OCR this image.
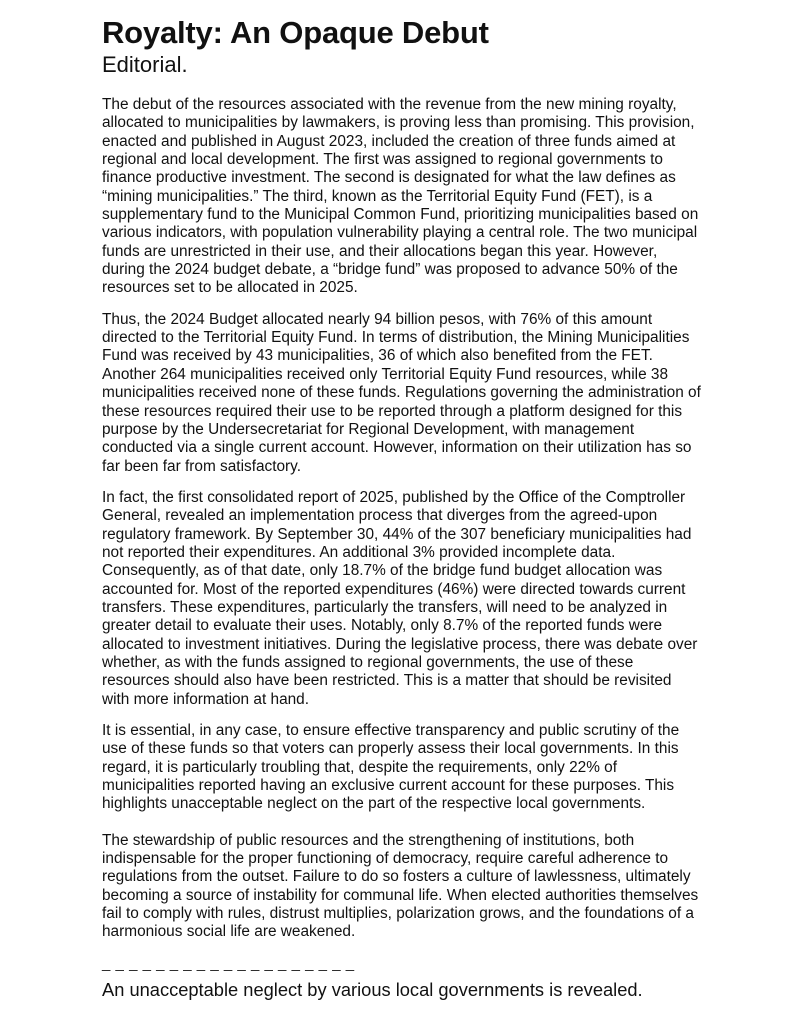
Royalty: An Opaque Debut
Editorial.
The debut of the resources associated with the revenue from the new mining royalty,
allocated to municipalities by lawmakers, is proving less than promising. This provision,
enacted and published in August 2023, included the creation of three funds aimed at
regional and local development. The first was assigned to regional governments to
finance productive investment. The second is designated for what the law defines as
“mining municipalities.” The third, known as the Territorial Equity Fund (FET), is a
supplementary fund to the Municipal Common Fund, prioritizing municipalities based on
various indicators, with population vulnerability playing a central role. The two municipal
funds are unrestricted in their use, and their allocations began this year. However,
during the 2024 budget debate, a “bridge fund” was proposed to advance 50% of the
resources set to be allocated in 2025.
Thus, the 2024 Budget allocated nearly 94 billion pesos, with 76% of this amount
directed to the Territorial Equity Fund. In terms of distribution, the Mining Municipalities
Fund was received by 43 municipalities, 36 of which also benefited from the FET.
Another 264 municipalities received only Territorial Equity Fund resources, while 38
municipalities received none of these funds. Regulations governing the administration of
these resources required their use to be reported through a platform designed for this
purpose by the Undersecretariat for Regional Development, with management
conducted via a single current account. However, information on their utilization has so
far been far from satisfactory.
In fact, the first consolidated report of 2025, published by the Office of the Comptroller
General, revealed an implementation process that diverges from the agreed-upon
regulatory framework. By September 30, 44% of the 307 beneficiary municipalities had
not reported their expenditures. An additional 3% provided incomplete data.
Consequently, as of that date, only 18.7% of the bridge fund budget allocation was
accounted for. Most of the reported expenditures (46%) were directed towards current
transfers. These expenditures, particularly the transfers, will need to be analyzed in
greater detail to evaluate their uses. Notably, only 8.7% of the reported funds were
allocated to investment initiatives. During the legislative process, there was debate over
whether, as with the funds assigned to regional governments, the use of these
resources should also have been restricted. This is a matter that should be revisited
with more information at hand.
It is essential, in any case, to ensure effective transparency and public scrutiny of the
use of these funds so that voters can properly assess their local governments. In this
regard, it is particularly troubling that, despite the requirements, only 22% of
municipalities reported having an exclusive current account for these purposes. This
highlights unacceptable neglect on the part of the respective local governments.
The stewardship of public resources and the strengthening of institutions, both
indispensable for the proper functioning of democracy, require careful adherence to
regulations from the outset. Failure to do so fosters a culture of lawlessness, ultimately
becoming a source of instability for communal life. When elected authorities themselves
fail to comply with rules, distrust multiplies, polarization grows, and the foundations of a
harmonious social life are weakened.
___________________
An unacceptable neglect by various local governments is revealed.
